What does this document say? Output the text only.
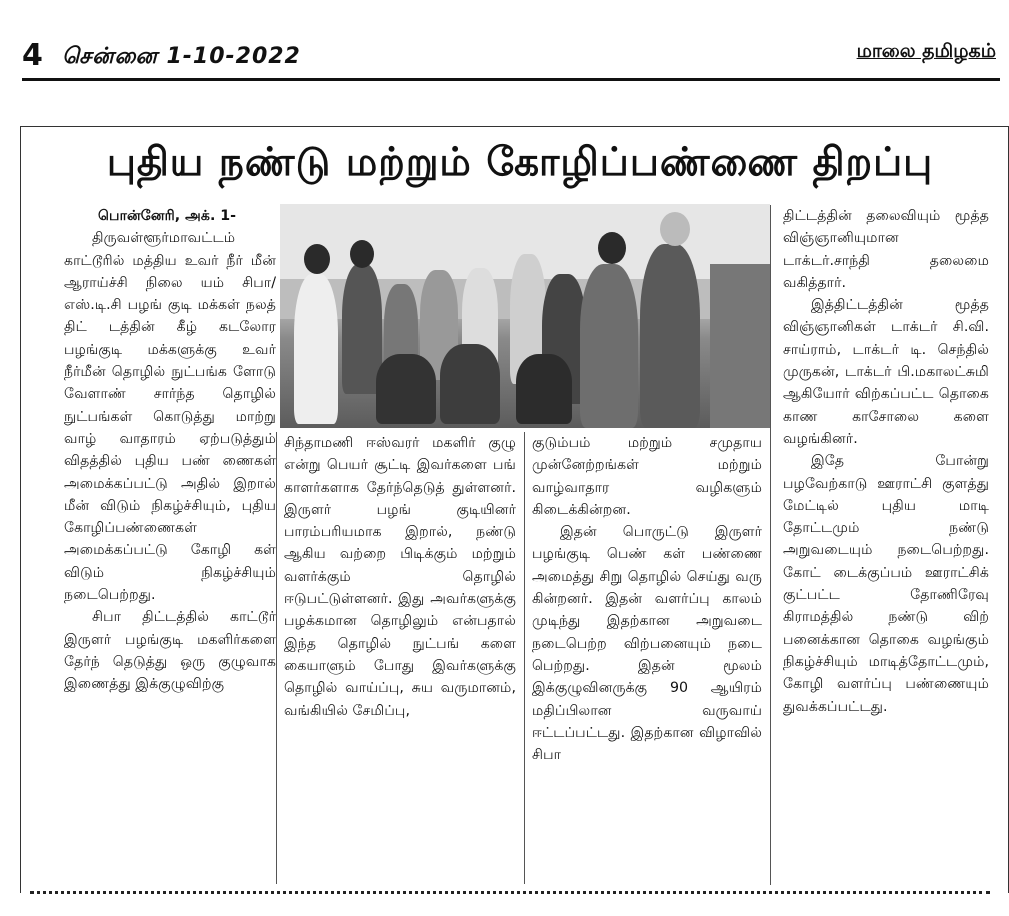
4 சென்னை 1-10-2022	மாலை தமிழகம்
புதிய நண்டு மற்றும் கோழிப்பண்ணை திறப்பு
பொன்னேரி, அக். 1-

திருவள்ளூர்மாவட்டம் காட்டூரில் மத்திய உவர் நீர் மீன் ஆராய்ச்சி நிலை யம் சிபா/எஸ்.டி.சி பழங் குடி மக்கள் நலத் திட் டத்தின் கீழ் கடலோர பழங்குடி மக்களுக்கு உவர் நீர்மீன் தொழில் நுட்பங்க ளோடு வேளாண் சார்ந்த தொழில் நுட்பங்கள் கொடுத்து மாற்று வாழ் வாதாரம் ஏற்படுத்தும் விதத்தில் புதிய பண் ணைகள் அமைக்கப்பட்டு அதில் இறால் மீன் விடும் நிகழ்ச்சியும், புதிய கோழிப்பண்ணைகள் அமைக்கப்பட்டு கோழி கள் விடும் நிகழ்ச்சியும் நடைபெற்றது.

சிபா திட்டத்தில் காட்டூர் இருளர் பழங்குடி மகளிர்களை தேர்ந் தெடுத்து ஒரு குழுவாக இணைத்து இக்குழுவிற்கு

சிந்தாமணி ஈஸ்வரர் மகளிர் குழு என்று பெயர் சூட்டி இவர்களை பங் காளர்களாக தேர்ந்தெடுத் துள்ளனர். இருளர் பழங் குடியினர் பாரம்பரியமாக இறால், நண்டு ஆகிய வற்றை பிடிக்கும் மற்றும் வளர்க்கும் தொழில் ஈடுபட்டுள்ளனர். இது அவர்களுக்கு பழக்கமான தொழிலும் என்பதால் இந்த தொழில் நுட்பங் களை கையாளும் போது இவர்களுக்கு தொழில் வாய்ப்பு, சுய வருமானம், வங்கியில் சேமிப்பு,

குடும்பம் மற்றும் சமுதாய முன்னேற்றங்கள் மற்றும் வாழ்வாதார வழிகளும் கிடைக்கின்றன.

இதன் பொருட்டு இருளர் பழங்குடி பெண் கள் பண்ணை அமைத்து சிறு தொழில் செய்து வரு கின்றனர். இதன் வளர்ப்பு காலம் முடிந்து இதற்கான அறுவடை நடைபெற்ற விற்பனையும் நடை பெற்றது. இதன் மூலம் இக்குழுவினருக்கு 90 ஆயிரம் மதிப்பிலான வருவாய் ஈட்டப்பட்டது. இதற்கான விழாவில் சிபா

திட்டத்தின் தலைவியும் மூத்த விஞ்ஞானியுமான டாக்டர்.சாந்தி தலைமை வகித்தார்.

இத்திட்டத்தின் மூத்த விஞ்ஞானிகள் டாக்டர் சி.வி. சாய்ராம், டாக்டர் டி. செந்தில் முருகன், டாக்டர் பி.மகாலட்சுமி ஆகியோர் விற்கப்பட்ட தொகை காண காசோலை களை வழங்கினர்.

இதே போன்று பழவேற்காடு ஊராட்சி குளத்து மேட்டில் புதிய மாடி தோட்டமும் நண்டு அறுவடையும் நடைபெற்றது. கோட் டைக்குப்பம் ஊராட்சிக் குட்பட்ட தோணிரேவு கிராமத்தில் நண்டு விற் பனைக்கான தொகை வழங்கும் நிகழ்ச்சியும் மாடித்தோட்டமும், கோழி வளர்ப்பு பண்ணையும் துவக்கப்பட்டது.
